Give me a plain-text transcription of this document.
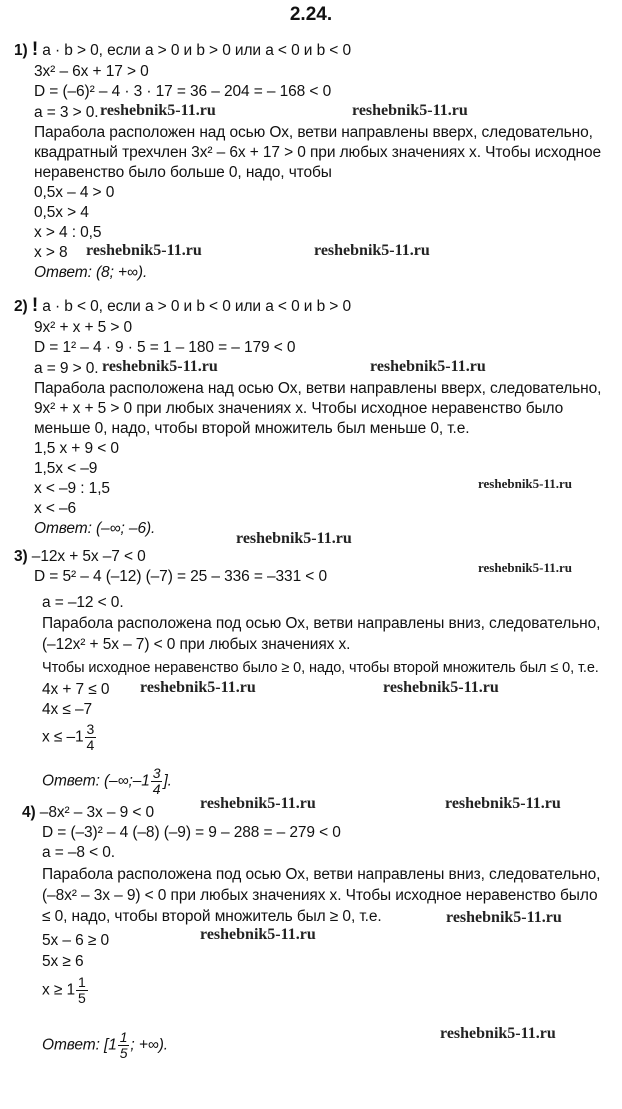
2.24.
1) ! a · b > 0, если a > 0 и b > 0 или a < 0 и b < 0
3x² – 6x + 17 > 0
D = (–6)² – 4 · 3 · 17 = 36 – 204 = – 168 < 0
a = 3 > 0.
Парабола расположен над осью Ox, ветви направлены вверх, следовательно,
квадратный трехчлен 3x² – 6x + 17 > 0 при любых значениях x. Чтобы исходное
неравенство было больше 0, надо, чтобы
0,5x – 4 > 0
0,5x > 4
x > 4 : 0,5
x > 8
Ответ: (8; +∞).
2) ! a · b < 0, если a > 0 и b < 0 или a < 0 и b > 0
9x² + x + 5 > 0
D = 1² – 4 · 9 · 5 = 1 – 180 = – 179 < 0
a = 9 > 0.
Парабола расположена над осью Ox, ветви направлены вверх, следовательно,
9x² + x + 5 > 0 при любых значениях x. Чтобы исходное неравенство было
меньше 0, надо, чтобы второй множитель был меньше 0, т.е.
1,5 x + 9 < 0
1,5x < –9
x < –9 : 1,5
x < –6
Ответ: (–∞; –6).
3) –12x + 5x –7 < 0
D = 5² – 4 (–12) (–7) = 25 – 336 = –331 < 0
a = –12 < 0.
Парабола расположена под осью Ox, ветви направлены вниз, следовательно,
(–12x² + 5x – 7) < 0 при любых значениях x.
Чтобы исходное неравенство было ≥ 0, надо, чтобы второй множитель был ≤ 0, т.е.
4x + 7 ≤ 0
4x ≤ –7
$x \le -1 \frac{3}{4}$
Ответ: (–∞;–1 $\frac{3}{4}$ ].
4) –8x² – 3x – 9 < 0
D = (–3)² – 4 (–8) (–9) = 9 – 288 = – 279 < 0
a = –8 < 0.
Парабола расположена под осью Ox, ветви направлены вниз, следовательно,
(–8x² – 3x – 9) < 0 при любых значениях x. Чтобы исходное неравенство было
≤ 0, надо, чтобы второй множитель был ≥ 0, т.е.
5x – 6 ≥ 0
5x ≥ 6
$x \ge 1 \frac{1}{5}$
Ответ: [$1 \frac{1}{5}$ ; +∞).
reshebnik5-11.ru	reshebnik5-11.ru
reshebnik5-11.ru	reshebnik5-11.ru
reshebnik5-11.ru	reshebnik5-11.ru
reshebnik5-11.ru
reshebnik5-11.ru
reshebnik5-11.ru
reshebnik5-11.ru	reshebnik5-11.ru
reshebnik5-11.ru	reshebnik5-11.ru
reshebnik5-11.ru
reshebnik5-11.ru
reshebnik5-11.ru
